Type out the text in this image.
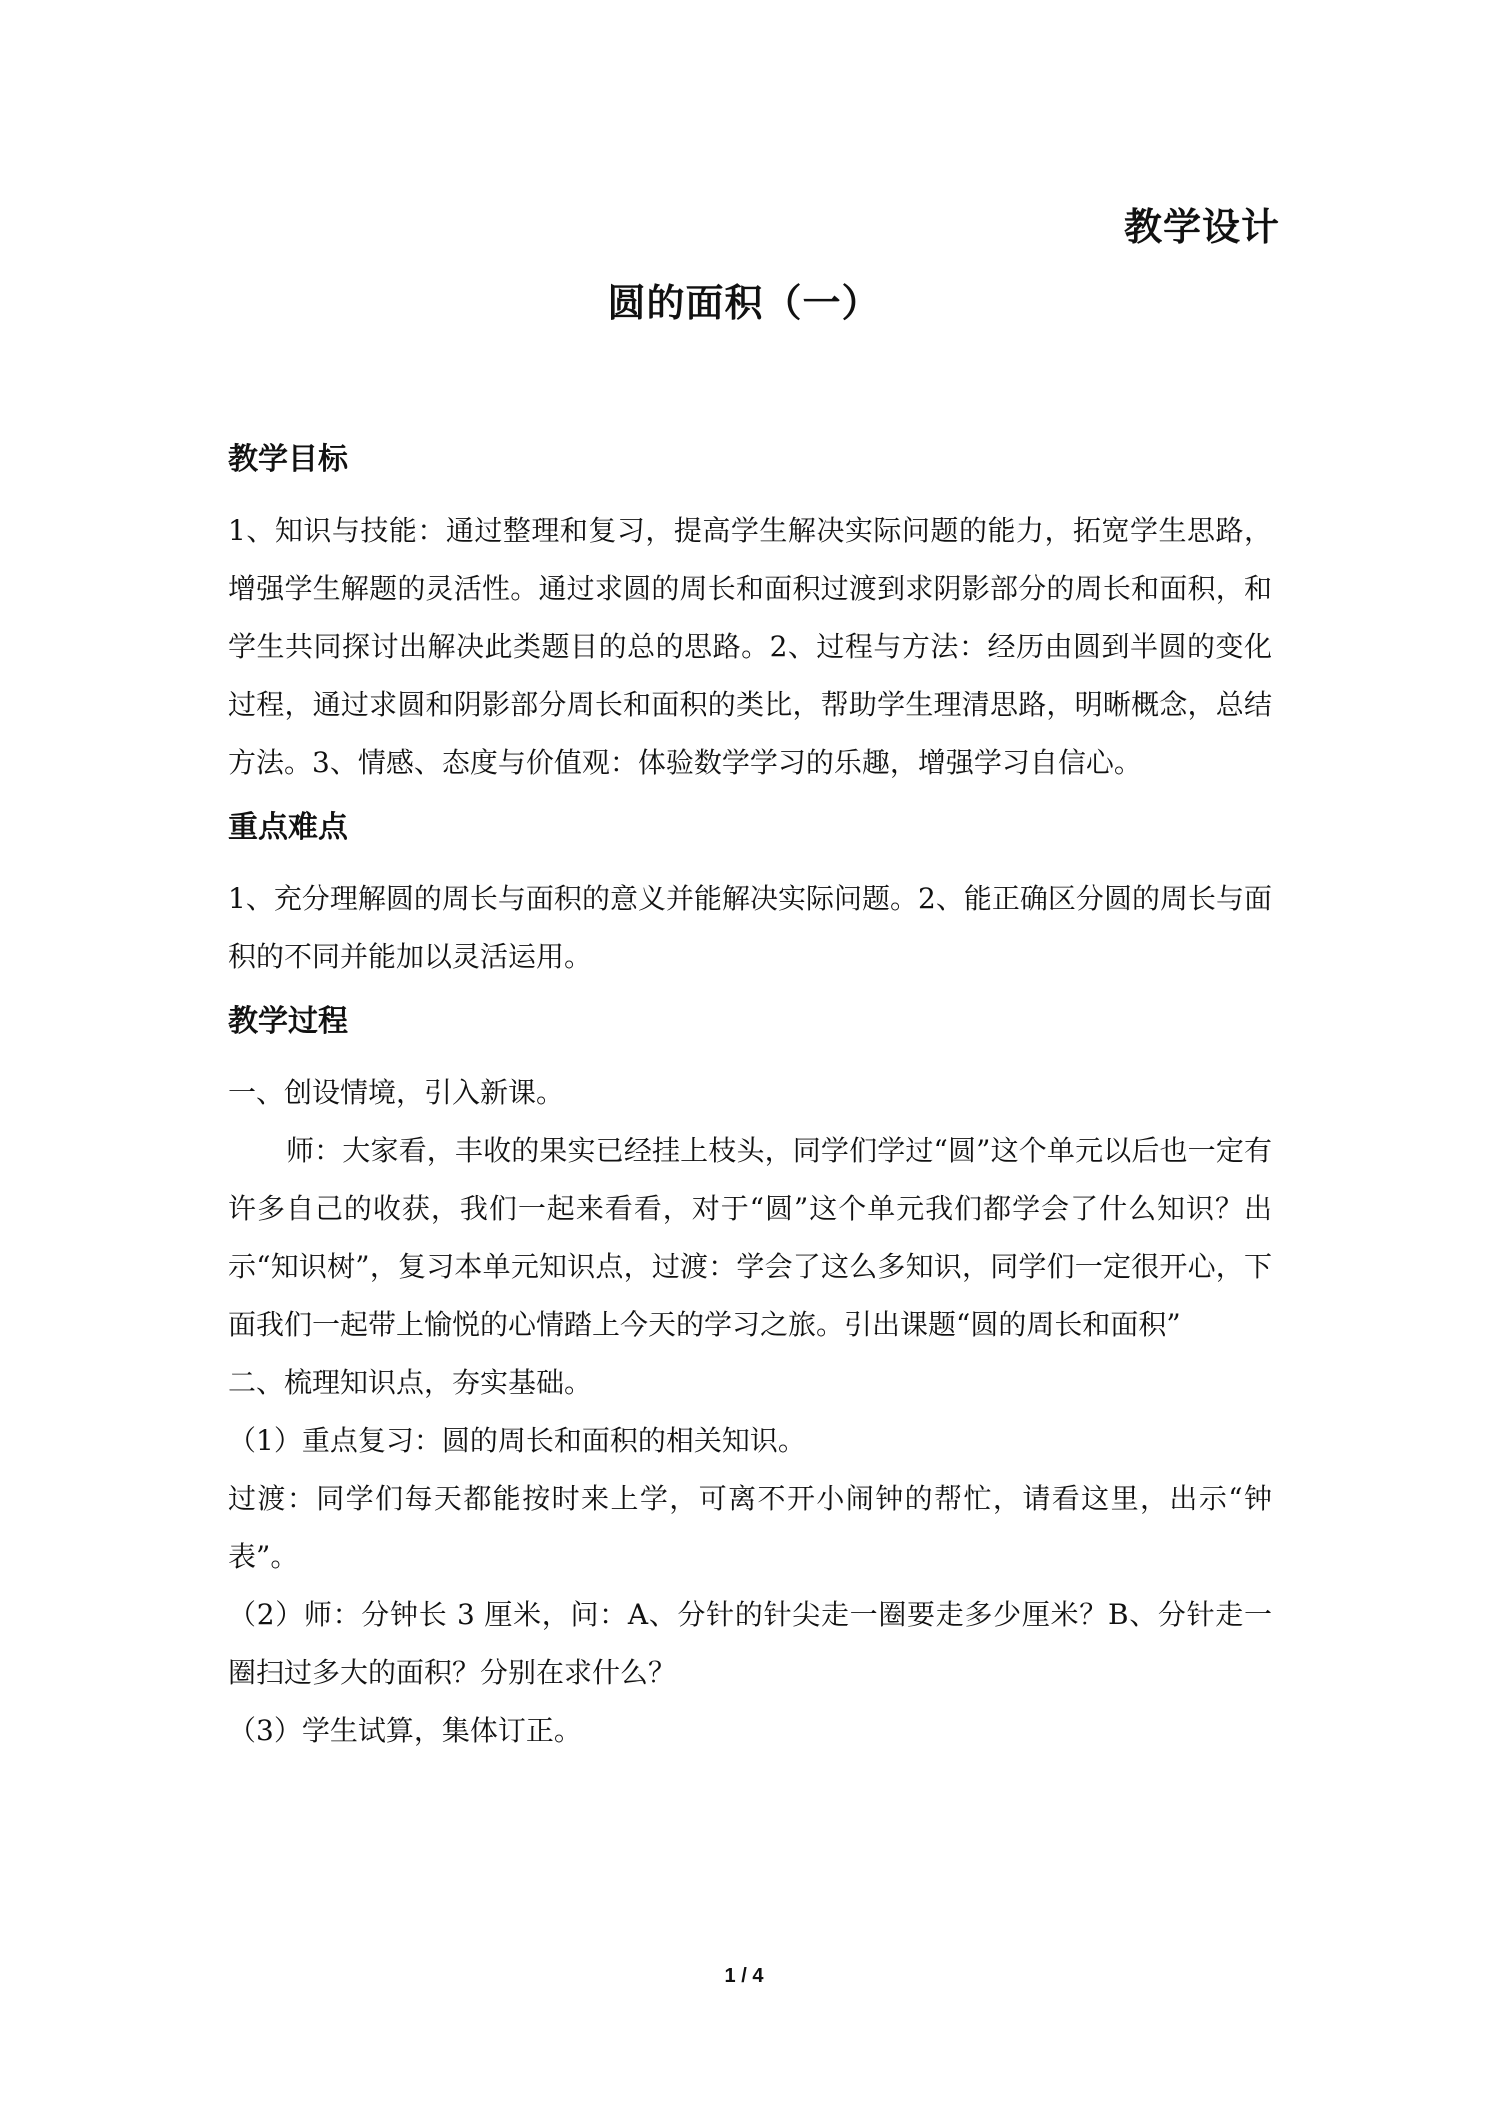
教学设计
圆的面积（一）
教学目标

1、知识与技能：通过整理和复习，提高学生解决实际问题的能力，拓宽学生思路，增强学生解题的灵活性。通过求圆的周长和面积过渡到求阴影部分的周长和面积，和学生共同探讨出解决此类题目的总的思路。2、过程与方法：经历由圆到半圆的变化过程，通过求圆和阴影部分周长和面积的类比，帮助学生理清思路，明晰概念，总结方法。3、情感、态度与价值观：体验数学学习的乐趣，增强学习自信心。

重点难点

1、充分理解圆的周长与面积的意义并能解决实际问题。2、能正确区分圆的周长与面积的不同并能加以灵活运用。

教学过程

一、创设情境，引入新课。

师：大家看，丰收的果实已经挂上枝头，同学们学过“圆”这个单元以后也一定有许多自己的收获，我们一起来看看，对于“圆”这个单元我们都学会了什么知识？出示“知识树”，复习本单元知识点，过渡：学会了这么多知识，同学们一定很开心，下面我们一起带上愉悦的心情踏上今天的学习之旅。引出课题“圆的周长和面积”

二、梳理知识点，夯实基础。

（1）重点复习：圆的周长和面积的相关知识。

过渡：同学们每天都能按时来上学，可离不开小闹钟的帮忙，请看这里，出示“钟表”。

（2）师：分钟长 3 厘米，问：A、分针的针尖走一圈要走多少厘米？B、分针走一圈扫过多大的面积？分别在求什么？

（3）学生试算，集体订正。

1 / 4
